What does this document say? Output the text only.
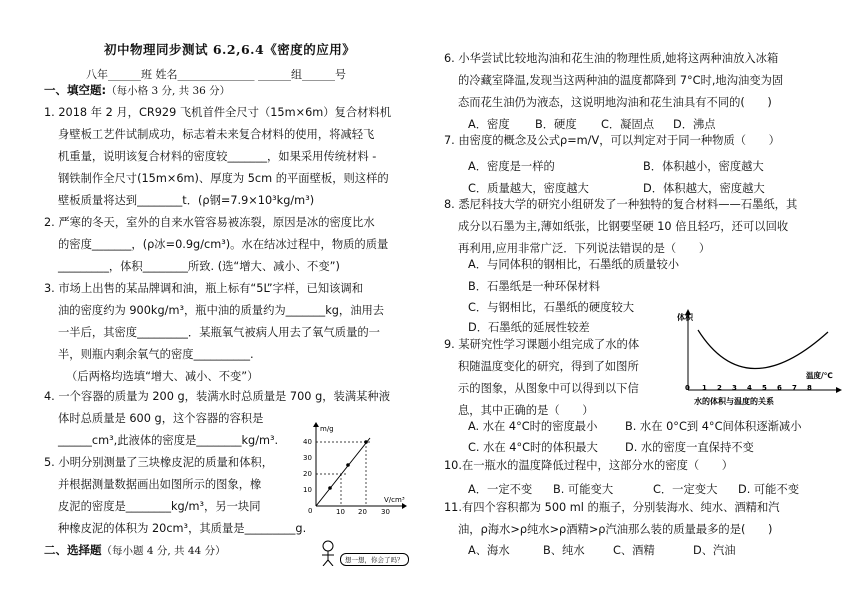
初中物理同步测试 6.2,6.4《密度的应用》
八年______班 姓名______________ ______组______号
一、填空题:（每小格 3 分, 共 36 分）
1. 2018 年 2 月，CR929 飞机首件全尺寸（15m×6m）复合材料机
身壁板工艺件试制成功，标志着未来复合材料的使用，将减轻飞
机重量，说明该复合材料的密度较_______，如果采用传统材料 -
钢铁制作全尺寸(15m×6m)、厚度为 5cm 的平面壁板，则这样的
壁板质量将达到________t．(ρ钢=7.9×10³kg/m³)
2. 严寒的冬天，室外的自来水管容易被冻裂，原因是冰的密度比水
的密度_______，(ρ冰=0.9g/cm³)。水在结冰过程中，物质的质量
_________，体积________所致. (选“增大、减小、不变”)
3. 市场上出售的某品牌调和油，瓶上标有“5L”字样，已知该调和
油的密度约为 900kg/m³，瓶中油的质量约为_______kg，油用去
一半后，其密度_________．某瓶氧气被病人用去了氧气质量的一
半，则瓶内剩余氧气的密度__________.
（后两格均选填“增大、减小、不变”）
4. 一个容器的质量为 200 g，装满水时总质量是 700 g，装满某种液
体时总质量是 600 g，这个容器的容积是
______cm³,此液体的密度是________kg/m³.
5. 小明分别测量了三块橡皮泥的质量和体积，
并根据测量数据画出如图所示的图象，橡
皮泥的密度是________kg/m³，另一块同
种橡皮泥的体积为 20cm³，其质量是_________g.
m/g
V/cm³
0
40
30
20
10
10 20 30
二、选择题（每小题 4 分, 共 44 分）
想一想，你会了吗？
6. 小华尝试比较地沟油和花生油的物理性质,她将这两种油放入冰箱
的冷藏室降温,发现当这两种油的温度都降到 7°C时,地沟油变为固
态而花生油仍为液态，这说明地沟油和花生油具有不同的(　　)
A．密度 B．硬度 C．凝固点 D．沸点
7. 由密度的概念及公式ρ=m/V，可以判定对于同一种物质（　　）
A．密度是一样的	B．体积越小，密度越大
C．质量越大，密度越大	D．体积越大，密度越大
8. 悉尼科技大学的研究小组研发了一种独特的复合材料——石墨纸，其
成分以石墨为主,薄如纸张，比钢要坚硬 10 倍且轻巧，还可以回收
再利用,应用非常广泛．下列说法错误的是（　　）
A．与同体积的钢相比，石墨纸的质量较小
B．石墨纸是一种环保材料
C．与钢相比，石墨纸的硬度较大
D．石墨纸的延展性较差
9. 某研究性学习课题小组完成了水的体
积随温度变化的研究，得到了如图所
示的图象，从图象中可以得到以下信
息，其中正确的是（　　）
体积
温度/℃
0 1 2 3 4 5 6 7 8
水的体积与温度的关系
A. 水在 4°C时的密度最小 B. 水在 0°C到 4°C间体积逐渐减小
C. 水在 4°C时的体积最大 D. 水的密度一直保持不变
10.在一瓶水的温度降低过程中，这部分水的密度（　　）
A．一定不变 B. 可能变大	C．一定变大 D. 可能不变
11.有四个容积都为 500 ml 的瓶子，分别装海水、纯水、酒精和汽
油，ρ海水>ρ纯水>ρ酒精>ρ汽油那么装的质量最多的是(　　)
A、海水	B、纯水	C、酒精	D、汽油
